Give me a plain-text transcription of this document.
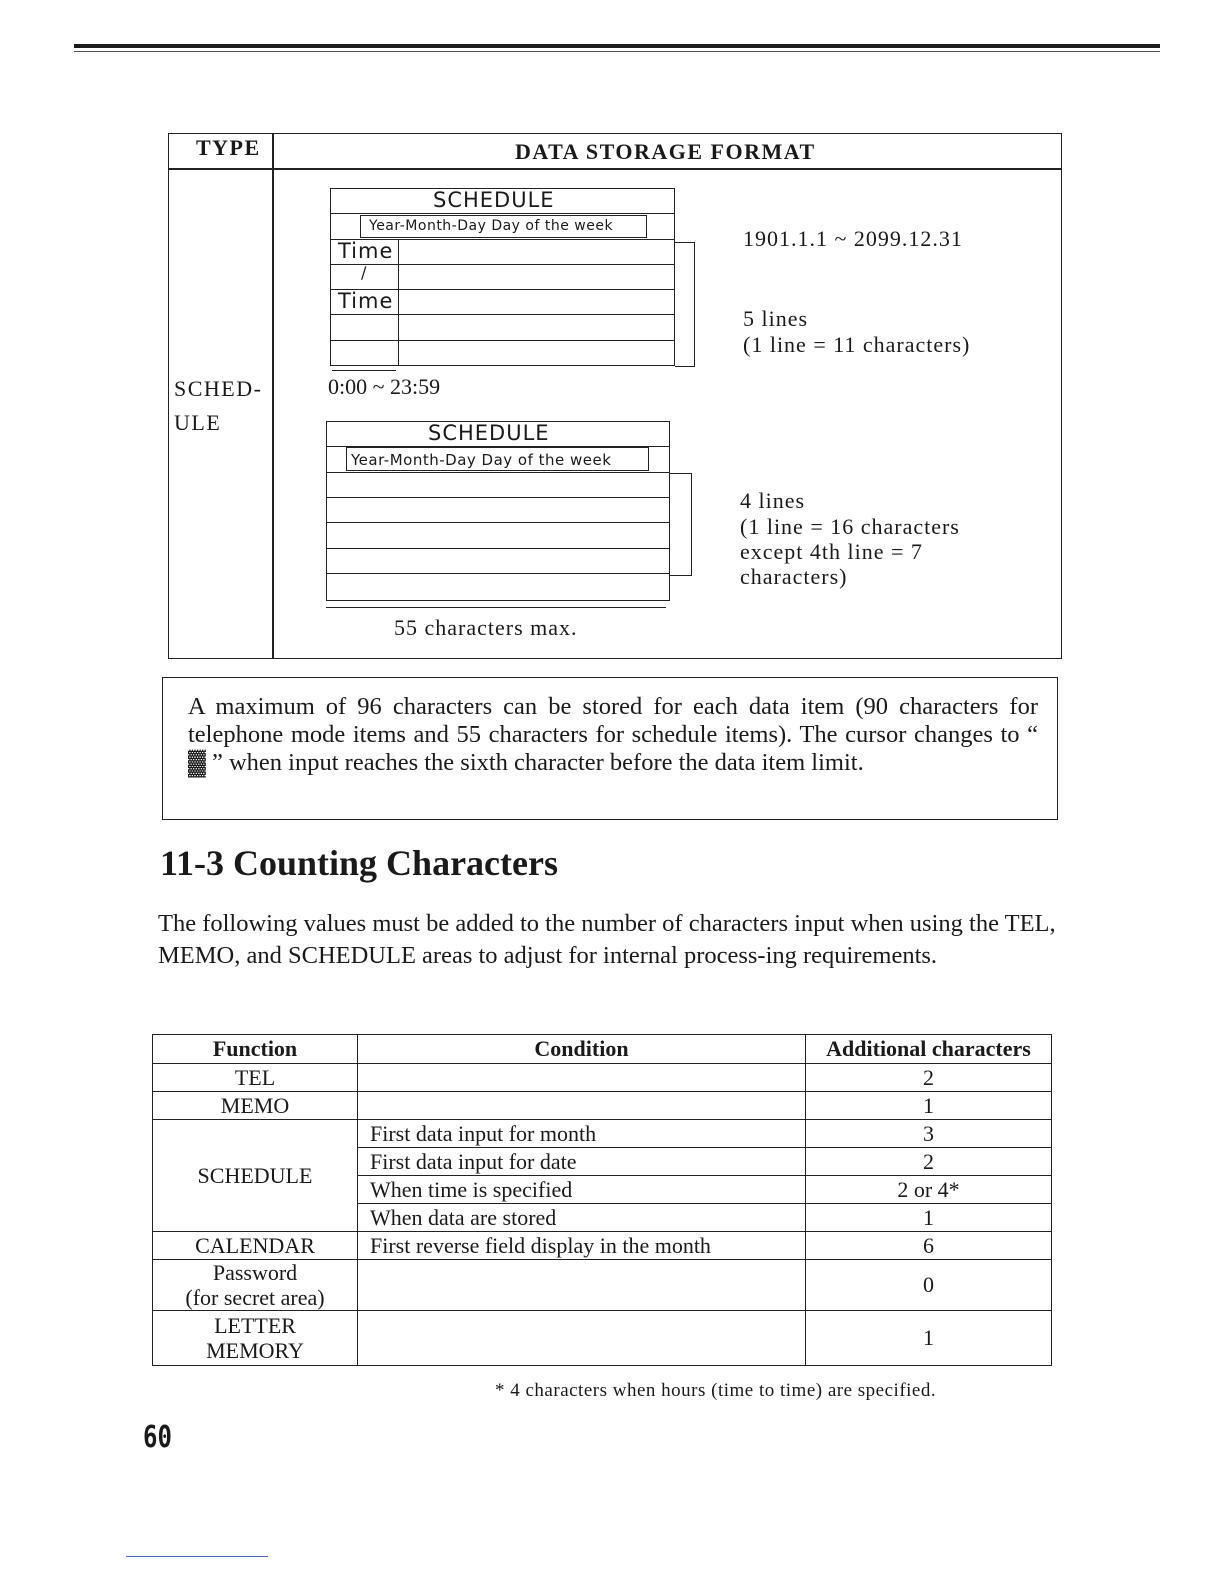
TYPE	DATA STORAGE FORMAT
SCHED-
ULE
SCHEDULE
Year-Month-Day Day of the week
Time
/
Time
0:00 ~ 23:59
1901.1.1 ~ 2099.12.31
5 lines
(1 line = 11 characters)
SCHEDULE
Year-Month-Day Day of the week
55 characters max.
4 lines
(1 line = 16 characters
except 4th line = 7
characters)

A maximum of 96 characters can be stored for each data item (90 characters for telephone mode items and 55 characters for schedule items). The cursor changes to “ ▓ ” when input reaches the sixth character before the data item limit.

11-3 Counting Characters
The following values must be added to the number of characters input when using the TEL, MEMO, and SCHEDULE areas to adjust for internal process-ing requirements.
Function	Condition	Additional characters
TEL		2
MEMO		1
SCHEDULE	First data input for month	3
	First data input for date	2
	When time is specified	2 or 4*
	When data are stored	1
CALENDAR	First reverse field display in the month	6

Password
(for secret area)		0

LETTER
MEMORY		1
* 4 characters when hours (time to time) are specified.
60
